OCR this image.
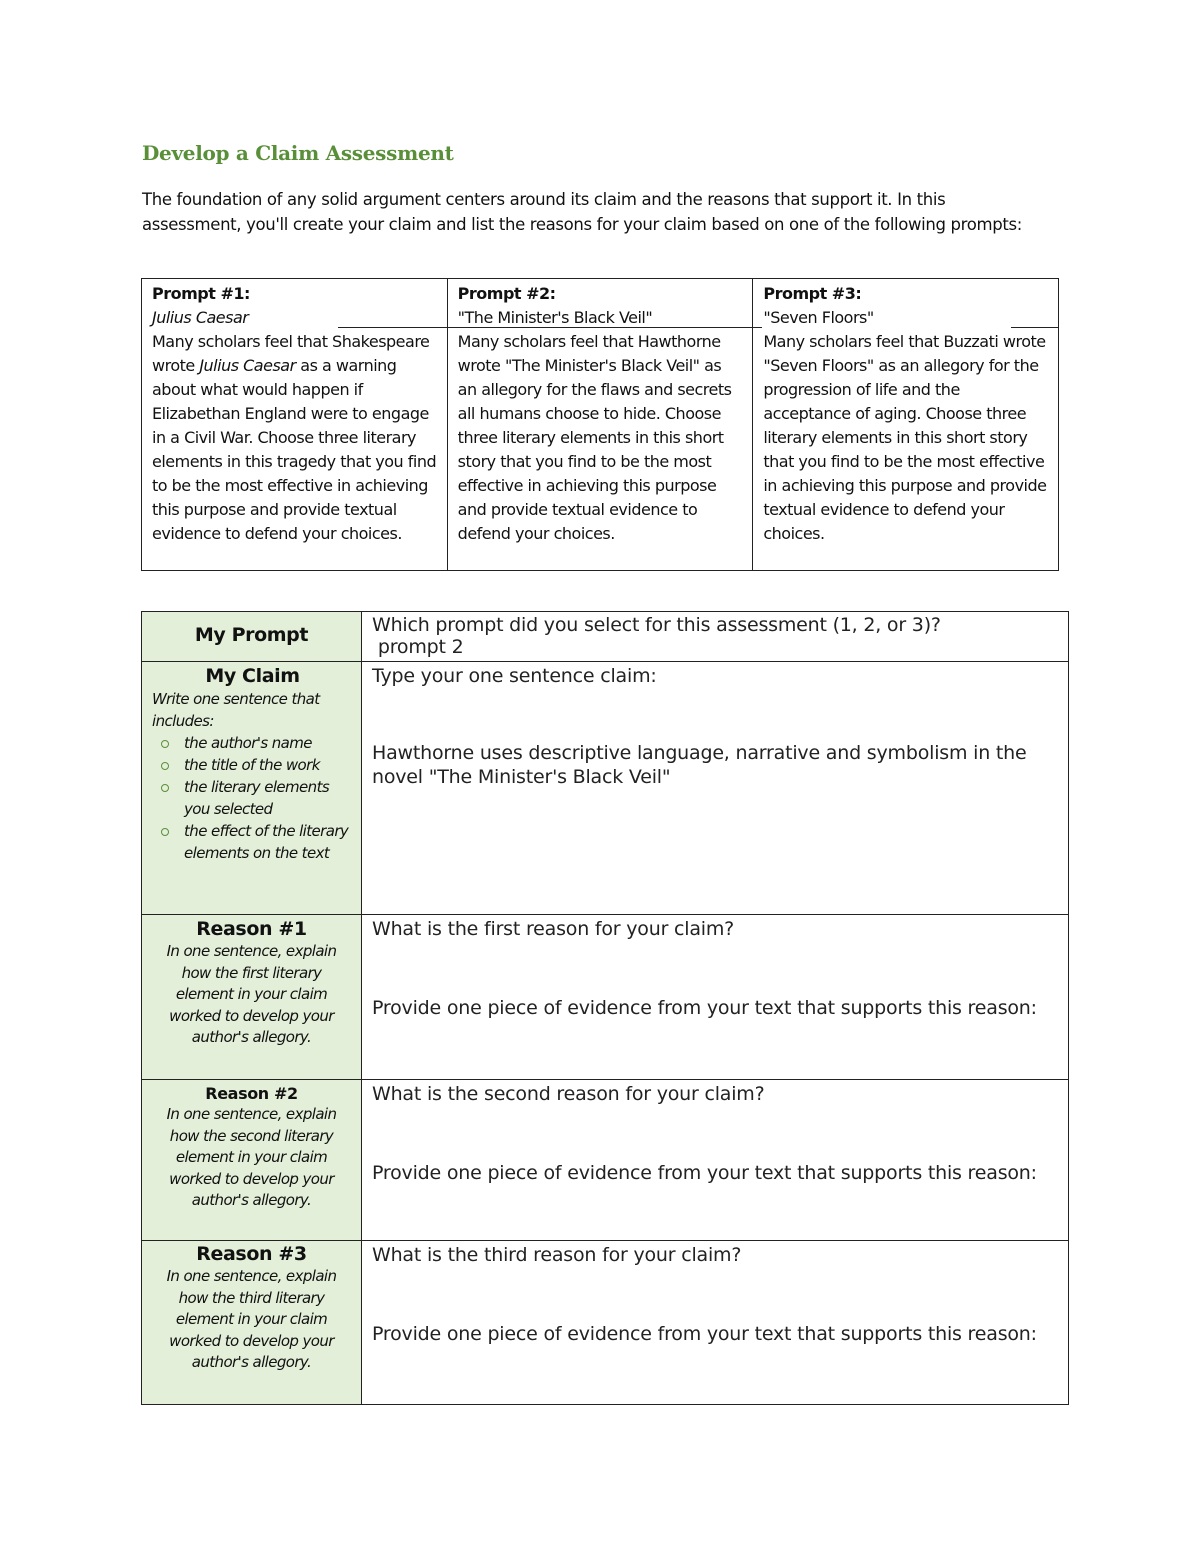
Develop a Claim Assessment
The foundation of any solid argument centers around its claim and the reasons that support it. In this assessment, you'll create your claim and list the reasons for your claim based on one of the following prompts:
Prompt #1:
Julius Caesar
Many scholars feel that Shakespeare wrote Julius Caesar as a warning about what would happen if Elizabethan England were to engage in a Civil War. Choose three literary elements in this tragedy that you find to be the most effective in achieving this purpose and provide textual evidence to defend your choices.
Prompt #2:
"The Minister's Black Veil"
Many scholars feel that Hawthorne wrote "The Minister's Black Veil" as an allegory for the flaws and secrets all humans choose to hide. Choose three literary elements in this short story that you find to be the most effective in achieving this purpose and provide textual evidence to defend your choices.
Prompt #3:
"Seven Floors"
Many scholars feel that Buzzati wrote "Seven Floors" as an allegory for the progression of life and the acceptance of aging. Choose three literary elements in this short story that you find to be the most effective in achieving this purpose and provide textual evidence to defend your choices.
My Prompt	Which prompt did you select for this assessment (1, 2, or 3)?
prompt 2
My Claim
Write one sentence that includes:
the author's name
the title of the work
the literary elements you selected
the effect of the literary elements on the text
Type your one sentence claim:
Hawthorne uses descriptive language, narrative and symbolism in the novel "The Minister's Black Veil"
Reason #1
In one sentence, explain how the first literary element in your claim worked to develop your author's allegory.
What is the first reason for your claim?
Provide one piece of evidence from your text that supports this reason:
Reason #2
In one sentence, explain how the second literary element in your claim worked to develop your author's allegory.
What is the second reason for your claim?
Provide one piece of evidence from your text that supports this reason:
Reason #3
In one sentence, explain how the third literary element in your claim worked to develop your author's allegory.
What is the third reason for your claim?
Provide one piece of evidence from your text that supports this reason:
